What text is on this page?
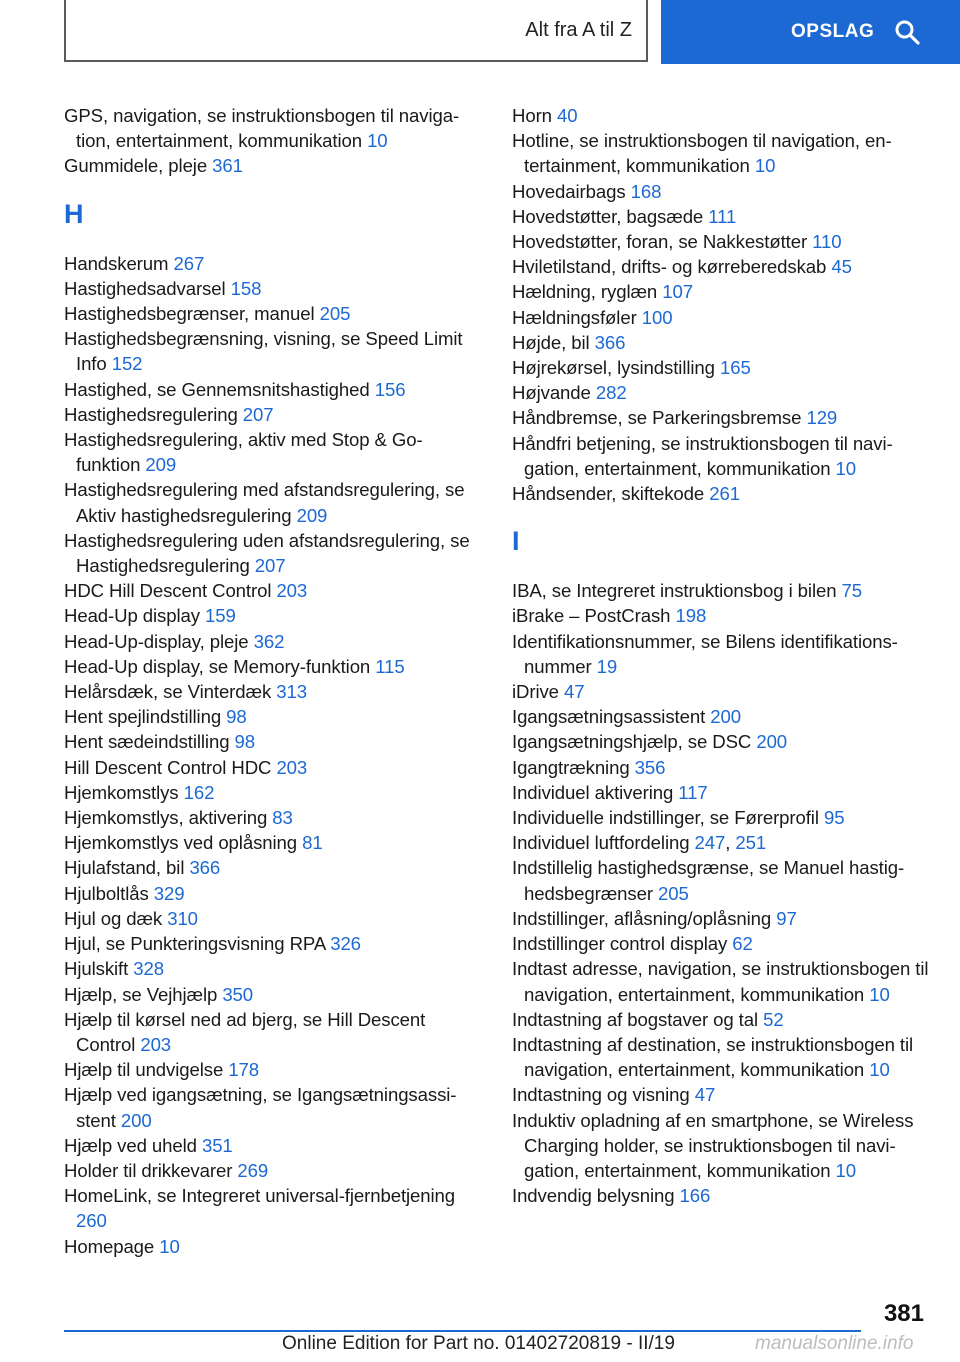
Alt fra A til Z	OPSLAG
GPS, navigation, se instruktionsbogen til navigation, entertainment, kommunikation 10
Gummidele, pleje 361
H
Handskerum 267
Hastighedsadvarsel 158
Hastighedsbegrænser, manuel 205
Hastighedsbegrænsning, visning, se Speed Limit Info 152
Hastighed, se Gennemsnitshastighed 156
Hastighedsregulering 207
Hastighedsregulering, aktiv med Stop & Go-funktion 209
Hastighedsregulering med afstandsregulering, se Aktiv hastighedsregulering 209
Hastighedsregulering uden afstandsregulering, se Hastighedsregulering 207
HDC Hill Descent Control 203
Head-Up display 159
Head-Up-display, pleje 362
Head-Up display, se Memory-funktion 115
Helårsdæk, se Vinterdæk 313
Hent spejlindstilling 98
Hent sædeindstilling 98
Hill Descent Control HDC 203
Hjemkomstlys 162
Hjemkomstlys, aktivering 83
Hjemkomstlys ved oplåsning 81
Hjulafstand, bil 366
Hjulboltlås 329
Hjul og dæk 310
Hjul, se Punkteringsvisning RPA 326
Hjulskift 328
Hjælp, se Vejhjælp 350
Hjælp til kørsel ned ad bjerg, se Hill Descent Control 203
Hjælp til undvigelse 178
Hjælp ved igangsætning, se Igangsætningsassistent 200
Hjælp ved uheld 351
Holder til drikkevarer 269
HomeLink, se Integreret universal-fjernbetjening 260
Homepage 10
Horn 40
Hotline, se instruktionsbogen til navigation, entertainment, kommunikation 10
Hovedairbags 168
Hovedstøtter, bagsæde 111
Hovedstøtter, foran, se Nakkestøtter 110
Hviletilstand, drifts- og kørreberedskab 45
Hældning, ryglæn 107
Hældningsføler 100
Højde, bil 366
Højrekørsel, lysindstilling 165
Højvande 282
Håndbremse, se Parkeringsbremse 129
Håndfri betjening, se instruktionsbogen til navigation, entertainment, kommunikation 10
Håndsender, skiftekode 261
I
IBA, se Integreret instruktionsbog i bilen 75
iBrake – PostCrash 198
Identifikationsnummer, se Bilens identifikationsnummer 19
iDrive 47
Igangsætningsassistent 200
Igangsætningshjælp, se DSC 200
Igangtrækning 356
Individuel aktivering 117
Individuelle indstillinger, se Førerprofil 95
Individuel luftfordeling 247, 251
Indstillelig hastighedsgrænse, se Manuel hastighedsbegrænser 205
Indstillinger, aflåsning/oplåsning 97
Indstillinger control display 62
Indtast adresse, navigation, se instruktionsbogen til navigation, entertainment, kommunikation 10
Indtastning af bogstaver og tal 52
Indtastning af destination, se instruktionsbogen til navigation, entertainment, kommunikation 10
Indtastning og visning 47
Induktiv opladning af en smartphone, se Wireless Charging holder, se instruktionsbogen til navigation, entertainment, kommunikation 10
Indvendig belysning 166
381
Online Edition for Part no. 01402720819 - II/19	manualsonline.info
